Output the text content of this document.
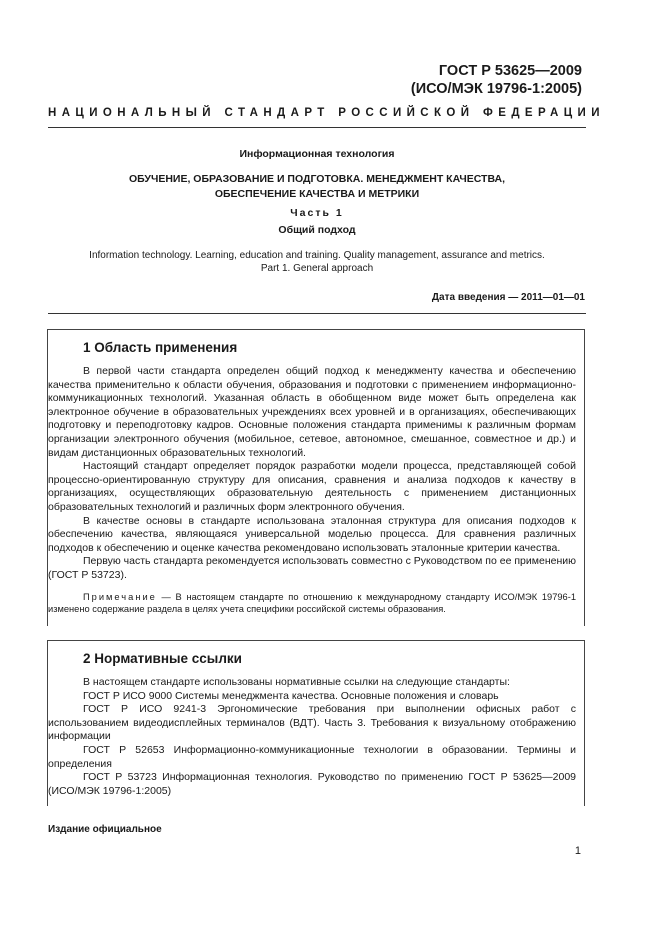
ГОСТ Р 53625—2009
(ИСО/МЭК 19796-1:2005)
НАЦИОНАЛЬНЫЙ СТАНДАРТ РОССИЙСКОЙ ФЕДЕРАЦИИ
Информационная технология
ОБУЧЕНИЕ, ОБРАЗОВАНИЕ И ПОДГОТОВКА. МЕНЕДЖМЕНТ КАЧЕСТВА,
ОБЕСПЕЧЕНИЕ КАЧЕСТВА И МЕТРИКИ
Часть 1
Общий подход
Information technology. Learning, education and training. Quality management, assurance and metrics.
Part 1. General approach
Дата введения — 2011—01—01
1 Область применения

В первой части стандарта определен общий подход к менеджменту качества и обеспечению качества применительно к области обучения, образования и подготовки с применением информационно-коммуникационных технологий. Указанная область в обобщенном виде может быть определена как электронное обучение в образовательных учреждениях всех уровней и в организациях, обеспечивающих подготовку и переподготовку кадров. Основные положения стандарта применимы к различным формам организации электронного обучения (мобильное, сетевое, автономное, смешанное, совместное и др.) и видам дистанционных образовательных технологий.

Настоящий стандарт определяет порядок разработки модели процесса, представляющей собой процессно-ориентированную структуру для описания, сравнения и анализа подходов к качеству в организациях, осуществляющих образовательную деятельность с применением дистанционных образовательных технологий и различных форм электронного обучения.

В качестве основы в стандарте использована эталонная структура для описания подходов к обеспечению качества, являющаяся универсальной моделью процесса. Для сравнения различных подходов к обеспечению и оценке качества рекомендовано использовать эталонные критерии качества.

Первую часть стандарта рекомендуется использовать совместно с Руководством по ее применению (ГОСТ Р 53723).

Примечание — В настоящем стандарте по отношению к международному стандарту ИСО/МЭК 19796-1 изменено содержание раздела в целях учета специфики российской системы образования.

2 Нормативные ссылки

В настоящем стандарте использованы нормативные ссылки на следующие стандарты:

ГОСТ Р ИСО 9000 Системы менеджмента качества. Основные положения и словарь

ГОСТ Р ИСО 9241-3 Эргономические требования при выполнении офисных работ с использованием видеодисплейных терминалов (ВДТ). Часть 3. Требования к визуальному отображению информации

ГОСТ Р 52653 Информационно-коммуникационные технологии в образовании. Термины и определения

ГОСТ Р 53723 Информационная технология. Руководство по применению ГОСТ Р 53625—2009 (ИСО/МЭК 19796-1:2005)

Издание официальное
1
